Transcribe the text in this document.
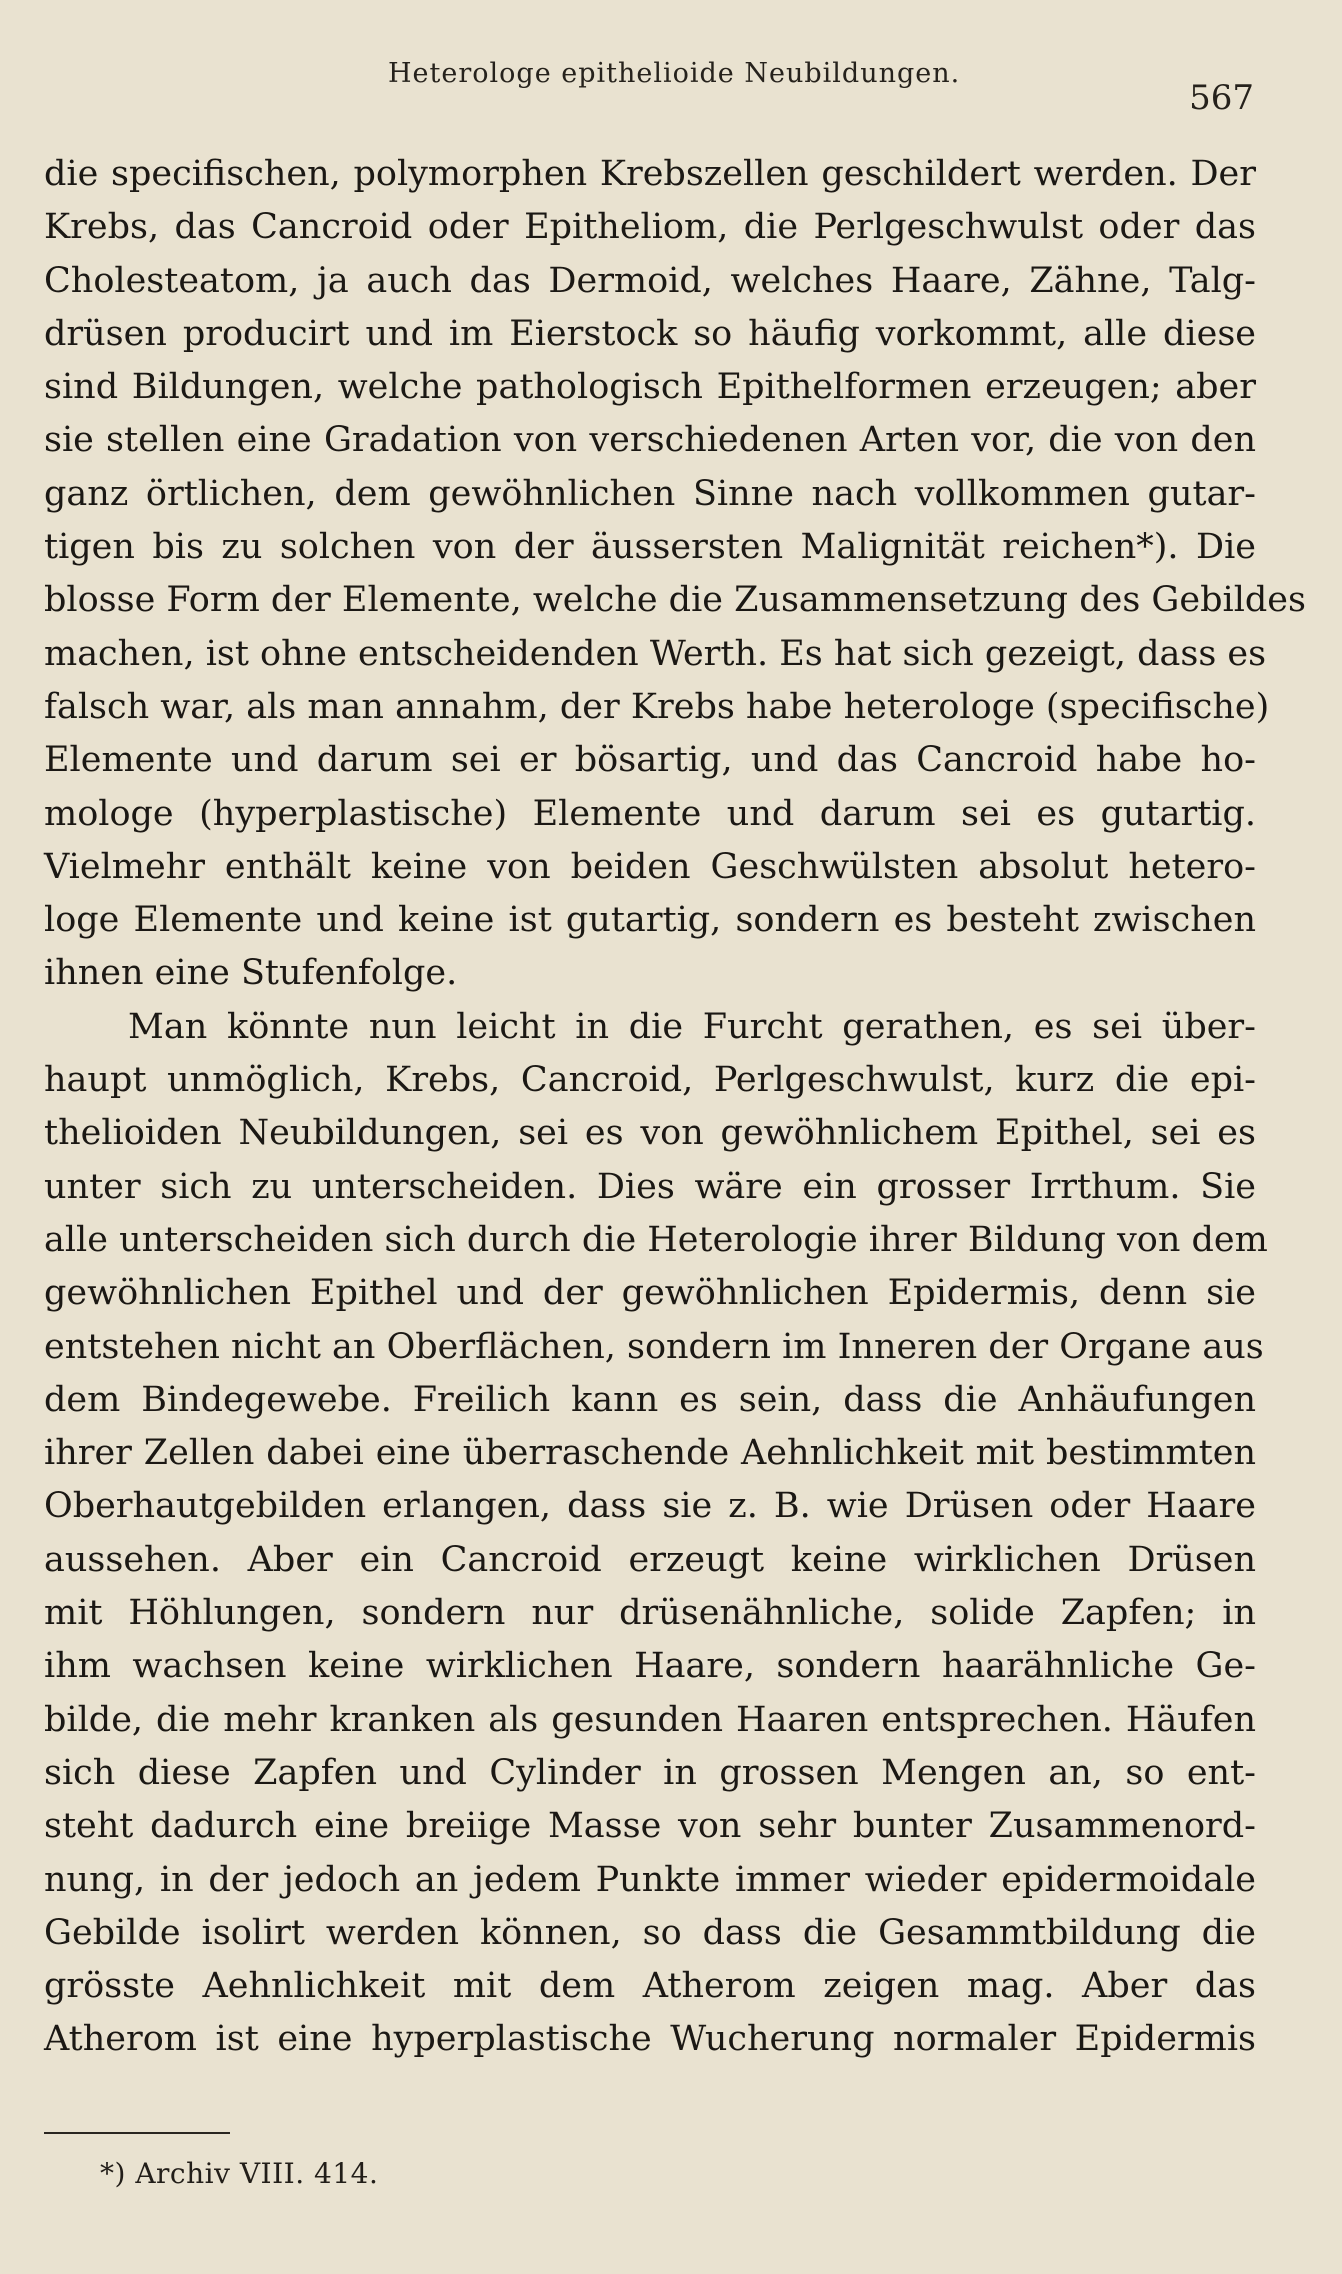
Heterologe epithelioide Neubildungen.
567
die specifischen, polymorphen Krebszellen geschildert werden. Der
Krebs, das Cancroid oder Epitheliom, die Perlgeschwulst oder das
Cholesteatom, ja auch das Dermoid, welches Haare, Zähne, Talg-
drüsen producirt und im Eierstock so häufig vorkommt, alle diese
sind Bildungen, welche pathologisch Epithelformen erzeugen; aber
sie stellen eine Gradation von verschiedenen Arten vor, die von den
ganz örtlichen, dem gewöhnlichen Sinne nach vollkommen gutar-
tigen bis zu solchen von der äussersten Malignität reichen*). Die
blosse Form der Elemente, welche die Zusammensetzung des Gebildes
machen, ist ohne entscheidenden Werth. Es hat sich gezeigt, dass es
falsch war, als man annahm, der Krebs habe heterologe (specifische)
Elemente und darum sei er bösartig, und das Cancroid habe ho-
mologe (hyperplastische) Elemente und darum sei es gutartig.
Vielmehr enthält keine von beiden Geschwülsten absolut hetero-
loge Elemente und keine ist gutartig, sondern es besteht zwischen
ihnen eine Stufenfolge.
Man könnte nun leicht in die Furcht gerathen, es sei über-
haupt unmöglich, Krebs, Cancroid, Perlgeschwulst, kurz die epi-
thelioiden Neubildungen, sei es von gewöhnlichem Epithel, sei es
unter sich zu unterscheiden. Dies wäre ein grosser Irrthum. Sie
alle unterscheiden sich durch die Heterologie ihrer Bildung von dem
gewöhnlichen Epithel und der gewöhnlichen Epidermis, denn sie
entstehen nicht an Oberflächen, sondern im Inneren der Organe aus
dem Bindegewebe. Freilich kann es sein, dass die Anhäufungen
ihrer Zellen dabei eine überraschende Aehnlichkeit mit bestimmten
Oberhautgebilden erlangen, dass sie z. B. wie Drüsen oder Haare
aussehen. Aber ein Cancroid erzeugt keine wirklichen Drüsen
mit Höhlungen, sondern nur drüsenähnliche, solide Zapfen; in
ihm wachsen keine wirklichen Haare, sondern haarähnliche Ge-
bilde, die mehr kranken als gesunden Haaren entsprechen. Häufen
sich diese Zapfen und Cylinder in grossen Mengen an, so ent-
steht dadurch eine breiige Masse von sehr bunter Zusammenord-
nung, in der jedoch an jedem Punkte immer wieder epidermoidale
Gebilde isolirt werden können, so dass die Gesammtbildung die
grösste Aehnlichkeit mit dem Atherom zeigen mag. Aber das
Atherom ist eine hyperplastische Wucherung normaler Epidermis
*) Archiv VIII. 414.
